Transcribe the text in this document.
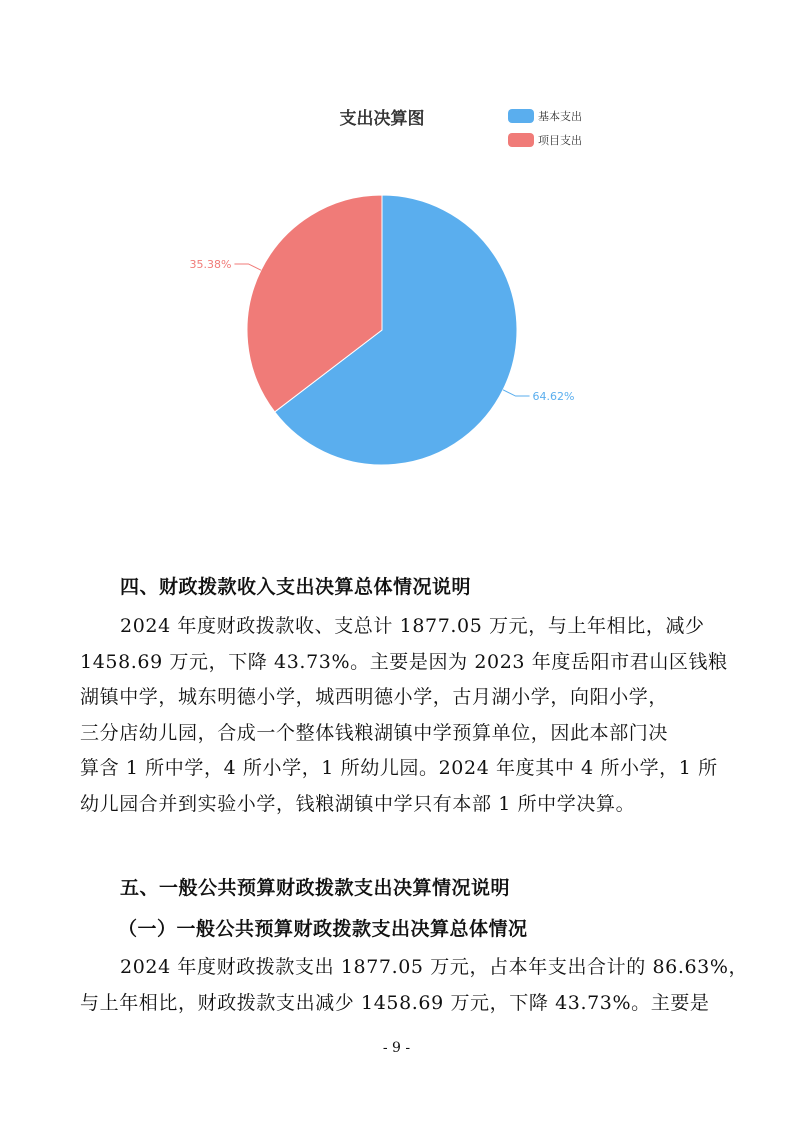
支出决算图	基本支出
项目支出
64.62%
35.38%
四、财政拨款收入支出决算总体情况说明
2024 年度财政拨款收、支总计 1877.05 万元，与上年相比，减少
1458.69 万元，下降 43.73%。主要是因为 2023 年度岳阳市君山区钱粮
湖镇中学，城东明德小学，城西明德小学，古月湖小学，向阳小学，
三分店幼儿园，合成一个整体钱粮湖镇中学预算单位，因此本部门决
算含 1 所中学，4 所小学，1 所幼儿园。2024 年度其中 4 所小学，1 所
幼儿园合并到实验小学，钱粮湖镇中学只有本部 1 所中学决算。
五、一般公共预算财政拨款支出决算情况说明
（一）一般公共预算财政拨款支出决算总体情况
2024 年度财政拨款支出 1877.05 万元，占本年支出合计的 86.63%，
与上年相比，财政拨款支出减少 1458.69 万元，下降 43.73%。主要是
- 9 -
